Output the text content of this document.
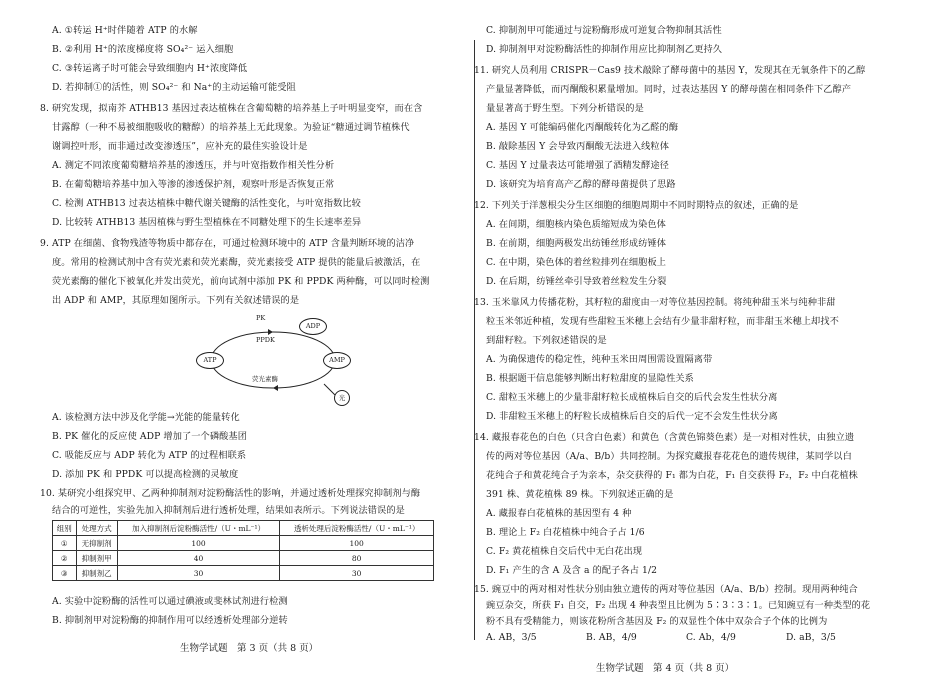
A. ①转运 H⁺时伴随着 ATP 的水解
B. ②利用 H⁺的浓度梯度将 SO₄²⁻ 运入细胞
C. ③转运离子时可能会导致细胞内 H⁺浓度降低
D. 若抑制①的活性，则 SO₄²⁻ 和 Na⁺的主动运输可能受阻
8. 研究发现，拟南芥 ATHB13 基因过表达植株在含葡萄糖的培养基上子叶明显变窄，而在含
甘露醇（一种不易被细胞吸收的糖醇）的培养基上无此现象。为验证“糖通过调节植株代
谢调控叶形，而非通过改变渗透压”，应补充的最佳实验设计是
A. 测定不同浓度葡萄糖培养基的渗透压，并与叶宽指数作相关性分析
B. 在葡萄糖培养基中加入等渗的渗透保护剂，观察叶形是否恢复正常
C. 检测 ATHB13 过表达植株中糖代谢关键酶的活性变化，与叶宽指数比较
D. 比较转 ATHB13 基因植株与野生型植株在不同糖处理下的生长速率差异
9. ATP 在细菌、食物残渣等物质中都存在，可通过检测环境中的 ATP 含量判断环境的洁净
度。常用的检测试剂中含有荧光素和荧光素酶，荧光素接受 ATP 提供的能量后被激活，在
荧光素酶的催化下被氧化并发出荧光，前向试剂中添加 PK 和 PPDK 两种酶，可以同时检测
出 ADP 和 AMP，其原理如图所示。下列有关叙述错误的是
ADP
ATP	AMP
PK
PPDK
荧光素酶
光
A. 该检测方法中涉及化学能→光能的能量转化
B. PK 催化的反应使 ADP 增加了一个磷酸基团
C. 吸能反应与 ADP 转化为 ATP 的过程相联系
D. 添加 PK 和 PPDK 可以提高检测的灵敏度
10. 某研究小组探究甲、乙两种抑制剂对淀粉酶活性的影响，并通过透析处理探究抑制剂与酶
结合的可逆性，实验先加入抑制剂后进行透析处理，结果如表所示。下列说法错误的是
组别	处理方式	加入抑制剂后淀粉酶活性/（U・mL⁻¹）	透析处理后淀粉酶活性/（U・mL⁻¹）
①	无抑制剂	100	100
②	抑制剂甲	40	80
③	抑制剂乙	30	30
A. 实验中淀粉酶的活性可以通过碘液或斐林试剂进行检测
B. 抑制剂甲对淀粉酶的抑制作用可以经透析处理部分逆转
生物学试题　第 3 页（共 8 页）
C. 抑制剂甲可能通过与淀粉酶形成可逆复合物抑制其活性
D. 抑制剂甲对淀粉酶活性的抑制作用应比抑制剂乙更持久
11. 研究人员利用 CRISPR－Cas9 技术敲除了酵母菌中的基因 Y，发现其在无氧条件下的乙醇
产量显著降低，而丙酮酸积累量增加。同时，过表达基因 Y 的酵母菌在相同条件下乙醇产
量显著高于野生型。下列分析错误的是
A. 基因 Y 可能编码催化丙酮酸转化为乙醛的酶
B. 敲除基因 Y 会导致丙酮酸无法进入线粒体
C. 基因 Y 过量表达可能增强了酒精发酵途径
D. 该研究为培育高产乙醇的酵母菌提供了思路
12. 下列关于洋葱根尖分生区细胞的细胞周期中不同时期特点的叙述，正确的是
A. 在间期，细胞核内染色质缩短成为染色体
B. 在前期，细胞两极发出纺锤丝形成纺锤体
C. 在中期，染色体的着丝粒排列在细胞板上
D. 在后期，纺锤丝牵引导致着丝粒发生分裂
13. 玉米靠风力传播花粉，其籽粒的甜度由一对等位基因控制。将纯种甜玉米与纯种非甜
粒玉米邻近种植，发现有些甜粒玉米穗上会结有少量非甜籽粒，而非甜玉米穗上却找不
到甜籽粒。下列叙述错误的是
A. 为确保遗传的稳定性，纯种玉米田周围需设置隔离带
B. 根据题干信息能够判断出籽粒甜度的显隐性关系
C. 甜粒玉米穗上的少量非甜籽粒长成植株后自交的后代会发生性状分离
D. 非甜粒玉米穗上的籽粒长成植株后自交的后代一定不会发生性状分离
14. 藏报春花色的白色（只含白色素）和黄色（含黄色锦葵色素）是一对相对性状，由独立遗
传的两对等位基因（A/a、B/b）共同控制。为探究藏报春花花色的遗传规律，某同学以白
花纯合子和黄花纯合子为亲本，杂交获得的 F₁ 都为白花，F₁ 自交获得 F₂，F₂ 中白花植株
391 株、黄花植株 89 株。下列叙述正确的是
A. 藏报春白花植株的基因型有 4 种
B. 理论上 F₂ 白花植株中纯合子占 1/6
C. F₂ 黄花植株自交后代中无白花出现
D. F₁ 产生的含 A 及含 a 的配子各占 1/2
15. 豌豆中的两对相对性状分别由独立遗传的两对等位基因（A/a、B/b）控制。现用两种纯合
豌豆杂交，所获 F₁ 自交，F₂ 出现 4 种表型且比例为 5∶3∶3∶1。已知豌豆有一种类型的花
粉不具有受精能力，则该花粉所含基因及 F₂ 的双显性个体中双杂合子个体的比例为
A. AB，3/5	B. AB，4/9	C. Ab，4/9	D. aB，3/5
生物学试题　第 4 页（共 8 页）
